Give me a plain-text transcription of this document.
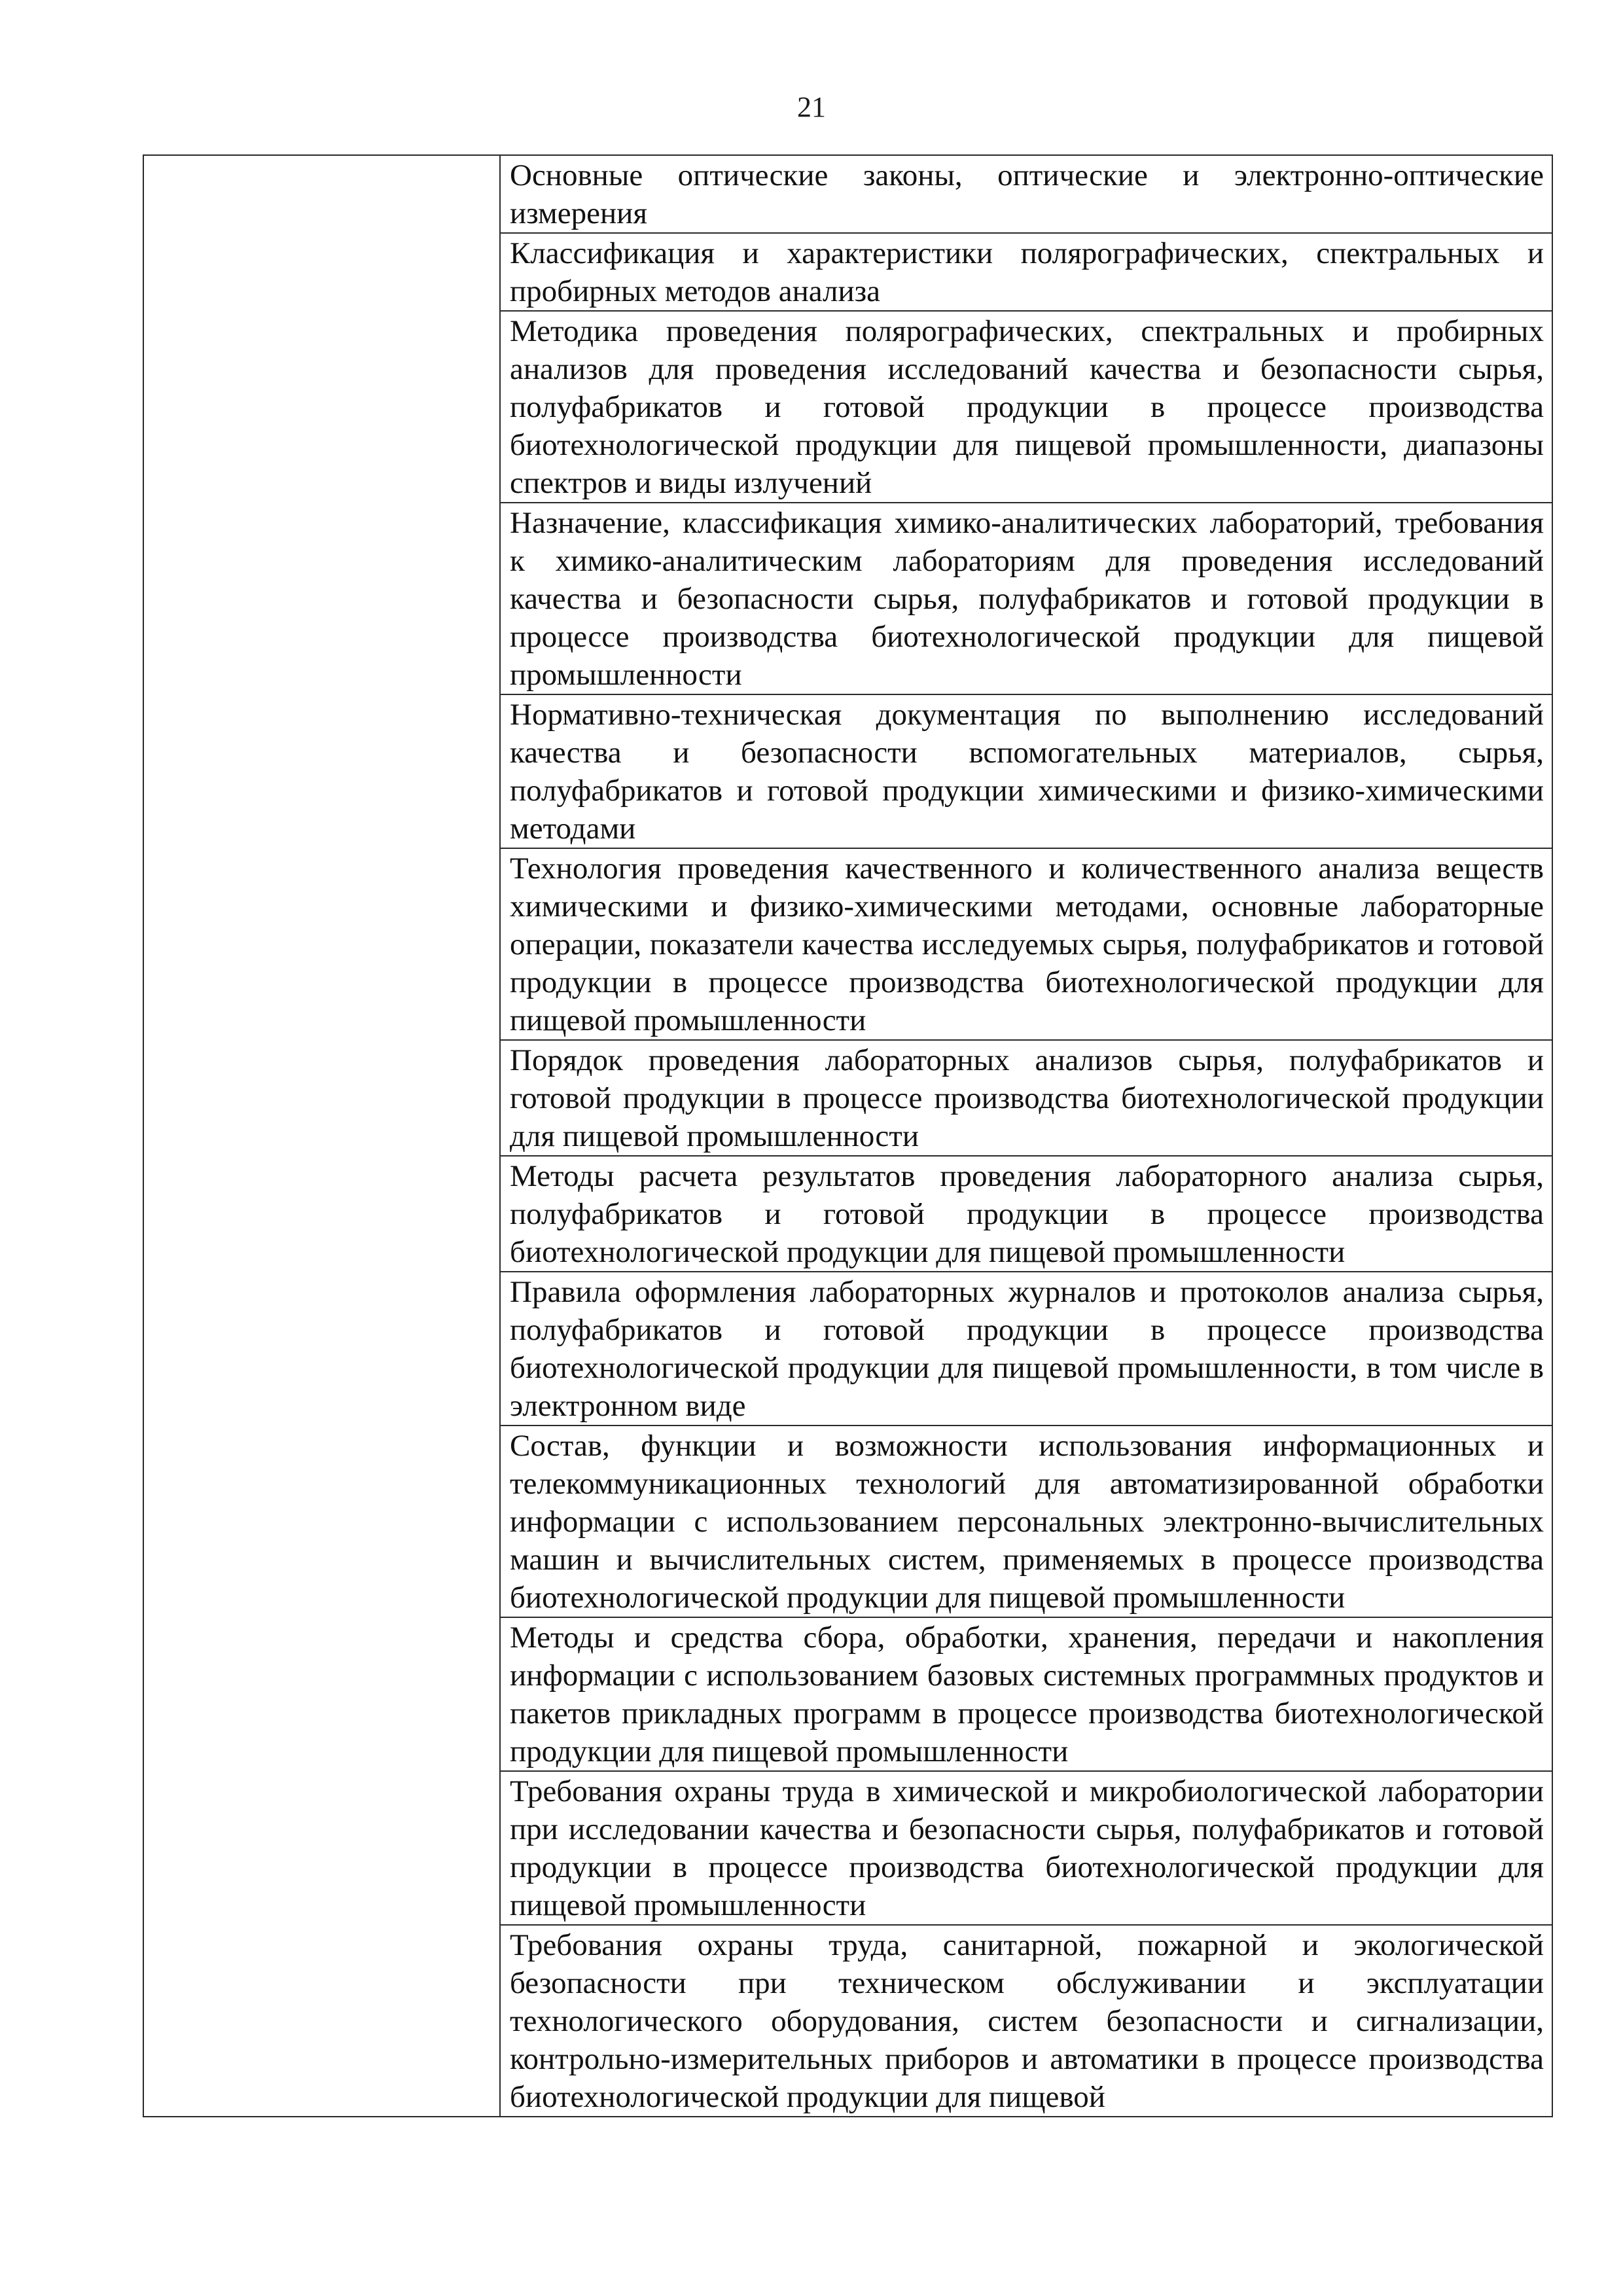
21
	Основные оптические законы, оптические и электронно-оптические измерения
Классификация и характеристики полярографических, спектральных и пробирных методов анализа
Методика проведения полярографических, спектральных и пробирных анализов для проведения исследований качества и безопасности сырья, полуфабрикатов и готовой продукции в процессе производства биотехнологической продукции для пищевой промышленности, диапазоны спектров и виды излучений
Назначение, классификация химико-аналитических лабораторий, требования к химико-аналитическим лабораториям для проведения исследований качества и безопасности сырья, полуфабрикатов и готовой продукции в процессе производства биотехнологической продукции для пищевой промышленности
Нормативно-техническая документация по выполнению исследований качества и безопасности вспомогательных материалов, сырья, полуфабрикатов и готовой продукции химическими и физико-химическими методами
Технология проведения качественного и количественного анализа веществ химическими и физико-химическими методами, основные лабораторные операции, показатели качества исследуемых сырья, полуфабрикатов и готовой продукции в процессе производства биотехнологической продукции для пищевой промышленности
Порядок проведения лабораторных анализов сырья, полуфабрикатов и готовой продукции в процессе производства биотехнологической продукции для пищевой промышленности
Методы расчета результатов проведения лабораторного анализа сырья, полуфабрикатов и готовой продукции в процессе производства биотехнологической продукции для пищевой промышленности
Правила оформления лабораторных журналов и протоколов анализа сырья, полуфабрикатов и готовой продукции в процессе производства биотехнологической продукции для пищевой промышленности, в том числе в электронном виде
Состав, функции и возможности использования информационных и телекоммуникационных технологий для автоматизированной обработки информации с использованием персональных электронно-вычислительных машин и вычислительных систем, применяемых в процессе производства биотехнологической продукции для пищевой промышленности
Методы и средства сбора, обработки, хранения, передачи и накопления информации с использованием базовых системных программных продуктов и пакетов прикладных программ в процессе производства биотехнологической продукции для пищевой промышленности
Требования охраны труда в химической и микробиологической лаборатории при исследовании качества и безопасности сырья, полуфабрикатов и готовой продукции в процессе производства биотехнологической продукции для пищевой промышленности
Требования охраны труда, санитарной, пожарной и экологической безопасности при техническом обслуживании и эксплуатации технологического оборудования, систем безопасности и сигнализации, контрольно-измерительных приборов и автоматики в процессе производства биотехнологической продукции для пищевой
